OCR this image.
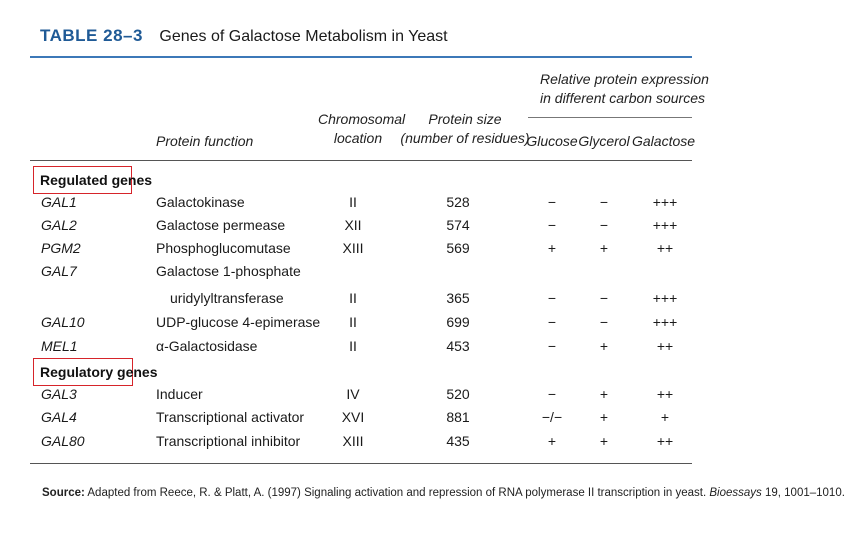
TABLE 28–3 Genes of Galactose Metabolism in Yeast
Relative protein expression
in different carbon sources
Protein function
Chromosomal
location
Protein size
(number of residues)
Glucose Glycerol Galactose
Regulated genes
GAL1	Galactokinase	II	528	−	−	+++
GAL2	Galactose permease	XII	574	−	−	+++
PGM2	Phosphoglucomutase	XIII	569	+	+	++
GAL7	Galactose 1-phosphate
uridylyltransferase	II	365	−	−	+++
GAL10	UDP-glucose 4-epimerase	II	699	−	−	+++
MEL1	α-Galactosidase	II	453	−	+	++
Regulatory genes
GAL3	Inducer	IV	520	−	+	++
GAL4	Transcriptional activator	XVI	881	−/−	+	+
GAL80	Transcriptional inhibitor	XIII	435	+	+	++
Source: Adapted from Reece, R. & Platt, A. (1997) Signaling activation and repression of RNA polymerase II transcription in yeast. Bioessays 19, 1001–1010.
